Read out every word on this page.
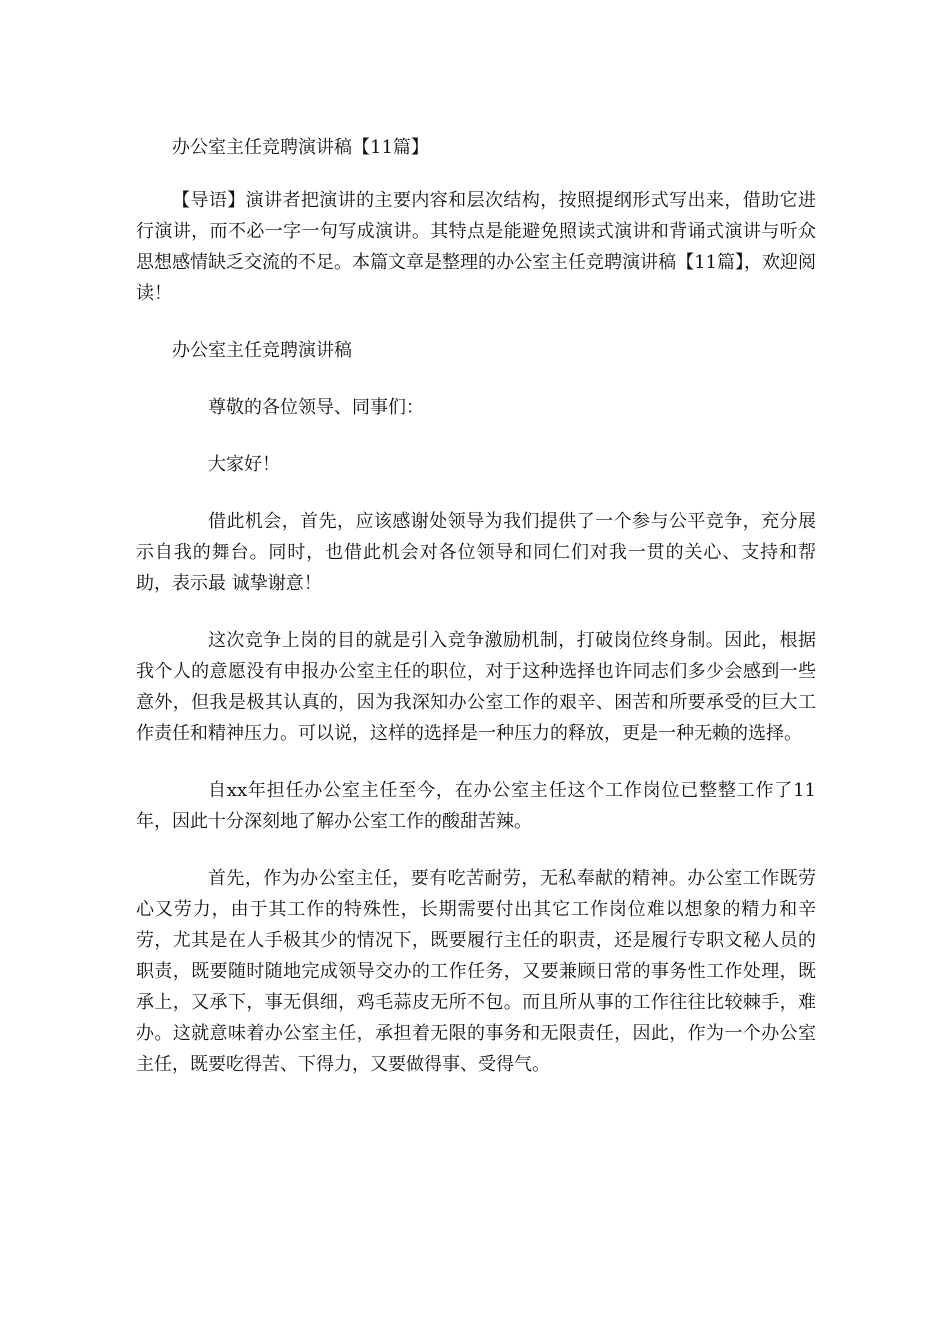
办公室主任竞聘演讲稿【11篇】

【导语】演讲者把演讲的主要内容和层次结构，按照提纲形式写出来，借助它进行演讲，而不必一字一句写成演讲。其特点是能避免照读式演讲和背诵式演讲与听众思想感情缺乏交流的不足。本篇文章是整理的办公室主任竞聘演讲稿【11篇】，欢迎阅读！

办公室主任竞聘演讲稿

尊敬的各位领导、同事们：

大家好！

借此机会，首先，应该感谢处领导为我们提供了一个参与公平竞争，充分展示自我的舞台。同时，也借此机会对各位领导和同仁们对我一贯的关心、支持和帮助，表示最 诚挚谢意！

这次竞争上岗的目的就是引入竞争激励机制，打破岗位终身制。因此，根据我个人的意愿没有申报办公室主任的职位，对于这种选择也许同志们多少会感到一些意外，但我是极其认真的，因为我深知办公室工作的艰辛、困苦和所要承受的巨大工作责任和精神压力。可以说，这样的选择是一种压力的释放，更是一种无赖的选择。

自xx年担任办公室主任至今，在办公室主任这个工作岗位已整整工作了11年，因此十分深刻地了解办公室工作的酸甜苦辣。

首先，作为办公室主任，要有吃苦耐劳，无私奉献的精神。办公室工作既劳心又劳力，由于其工作的特殊性，长期需要付出其它工作岗位难以想象的精力和辛劳，尤其是在人手极其少的情况下，既要履行主任的职责，还是履行专职文秘人员的职责，既要随时随地完成领导交办的工作任务，又要兼顾日常的事务性工作处理，既承上，又承下，事无俱细，鸡毛蒜皮无所不包。而且所从事的工作往往比较棘手，难办。这就意味着办公室主任，承担着无限的事务和无限责任，因此，作为一个办公室主任，既要吃得苦、下得力，又要做得事、受得气。
